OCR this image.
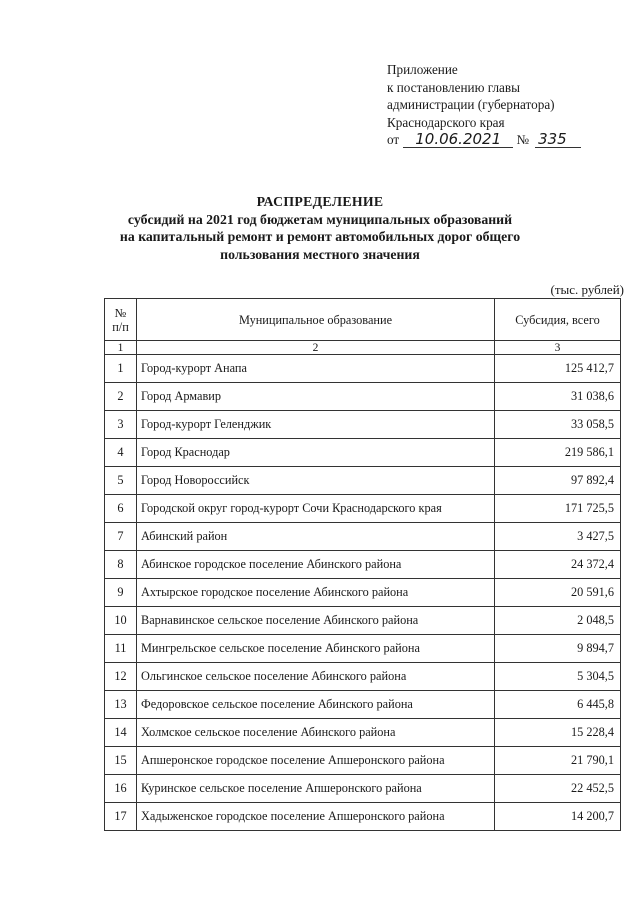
Приложение
к постановлению главы
администрации (губернатора)
Краснодарского края
от 10.06.2021 № 335
РАСПРЕДЕЛЕНИЕ
субсидий на 2021 год бюджетам муниципальных образований
на капитальный ремонт и ремонт автомобильных дорог общего
пользования местного значения
(тыс. рублей)
№
п/п	Муниципальное образование	Субсидия, всего
1	2	3
1	Город-курорт Анапа	125 412,7
2	Город Армавир	31 038,6
3	Город-курорт Геленджик	33 058,5
4	Город Краснодар	219 586,1
5	Город Новороссийск	97 892,4
6	Городской округ город-курорт Сочи Краснодарского края	171 725,5
7	Абинский район	3 427,5
8	Абинское городское поселение Абинского района	24 372,4
9	Ахтырское городское поселение Абинского района	20 591,6
10	Варнавинское сельское поселение Абинского района	2 048,5
11	Мингрельское сельское поселение Абинского района	9 894,7
12	Ольгинское сельское поселение Абинского района	5 304,5
13	Федоровское сельское поселение Абинского района	6 445,8
14	Холмское сельское поселение Абинского района	15 228,4
15	Апшеронское городское поселение Апшеронского района	21 790,1
16	Куринское сельское поселение Апшеронского района	22 452,5
17	Хадыженское городское поселение Апшеронского района	14 200,7
